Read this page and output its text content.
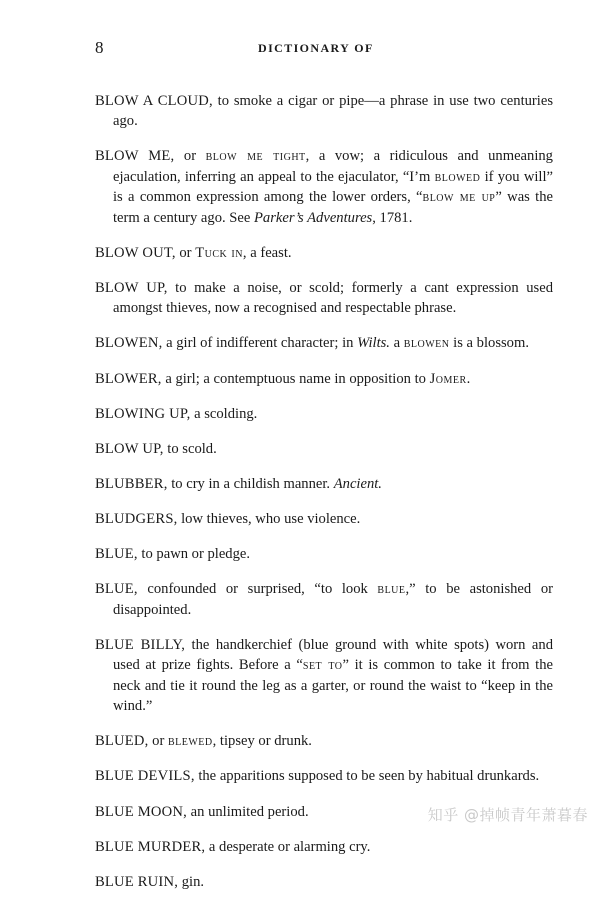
8	DICTIONARY OF

BLOW A CLOUD, to smoke a cigar or pipe—a phrase in use two centuries ago.

BLOW ME, or blow me tight, a vow; a ridiculous and unmeaning ejaculation, inferring an appeal to the ejaculator, “I’m blowed if you will” is a common expression among the lower orders, “blow me up” was the term a century ago. See Parker’s Adventures, 1781.

BLOW OUT, or Tuck in, a feast.

BLOW UP, to make a noise, or scold; formerly a cant expression used amongst thieves, now a recognised and respectable phrase.

BLOWEN, a girl of indifferent character; in Wilts. a blowen is a blossom.

BLOWER, a girl; a contemptuous name in opposition to Jomer.

BLOWING UP, a scolding.

BLOW UP, to scold.

BLUBBER, to cry in a childish manner. Ancient.

BLUDGERS, low thieves, who use violence.

BLUE, to pawn or pledge.

BLUE, confounded or surprised, “to look blue,” to be astonished or disappointed.

BLUE BILLY, the handkerchief (blue ground with white spots) worn and used at prize fights. Before a “set to” it is common to take it from the neck and tie it round the leg as a garter, or round the waist to “keep in the wind.”

BLUED, or blewed, tipsey or drunk.

BLUE DEVILS, the apparitions supposed to be seen by habitual drunkards.

BLUE MOON, an unlimited period.

BLUE MURDER, a desperate or alarming cry.

BLUE RUIN, gin.

知乎 @掉帧青年萧暮春
